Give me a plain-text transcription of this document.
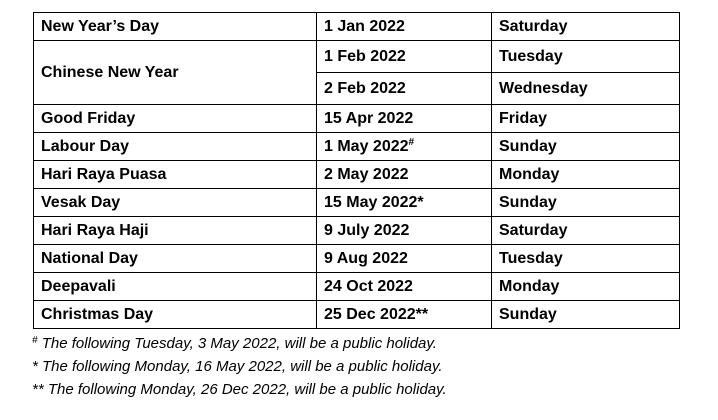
New Year’s Day	1 Jan 2022	Saturday
Chinese New Year	1 Feb 2022	Tuesday
	2 Feb 2022	Wednesday
Good Friday	15 Apr 2022	Friday
Labour Day	1 May 2022#	Sunday
Hari Raya Puasa	2 May 2022	Monday
Vesak Day	15 May 2022*	Sunday
Hari Raya Haji	9 July 2022	Saturday
National Day	9 Aug 2022	Tuesday
Deepavali	24 Oct 2022	Monday
Christmas Day	25 Dec 2022**	Sunday
# The following Tuesday, 3 May 2022, will be a public holiday.
* The following Monday, 16 May 2022, will be a public holiday.
** The following Monday, 26 Dec 2022, will be a public holiday.
